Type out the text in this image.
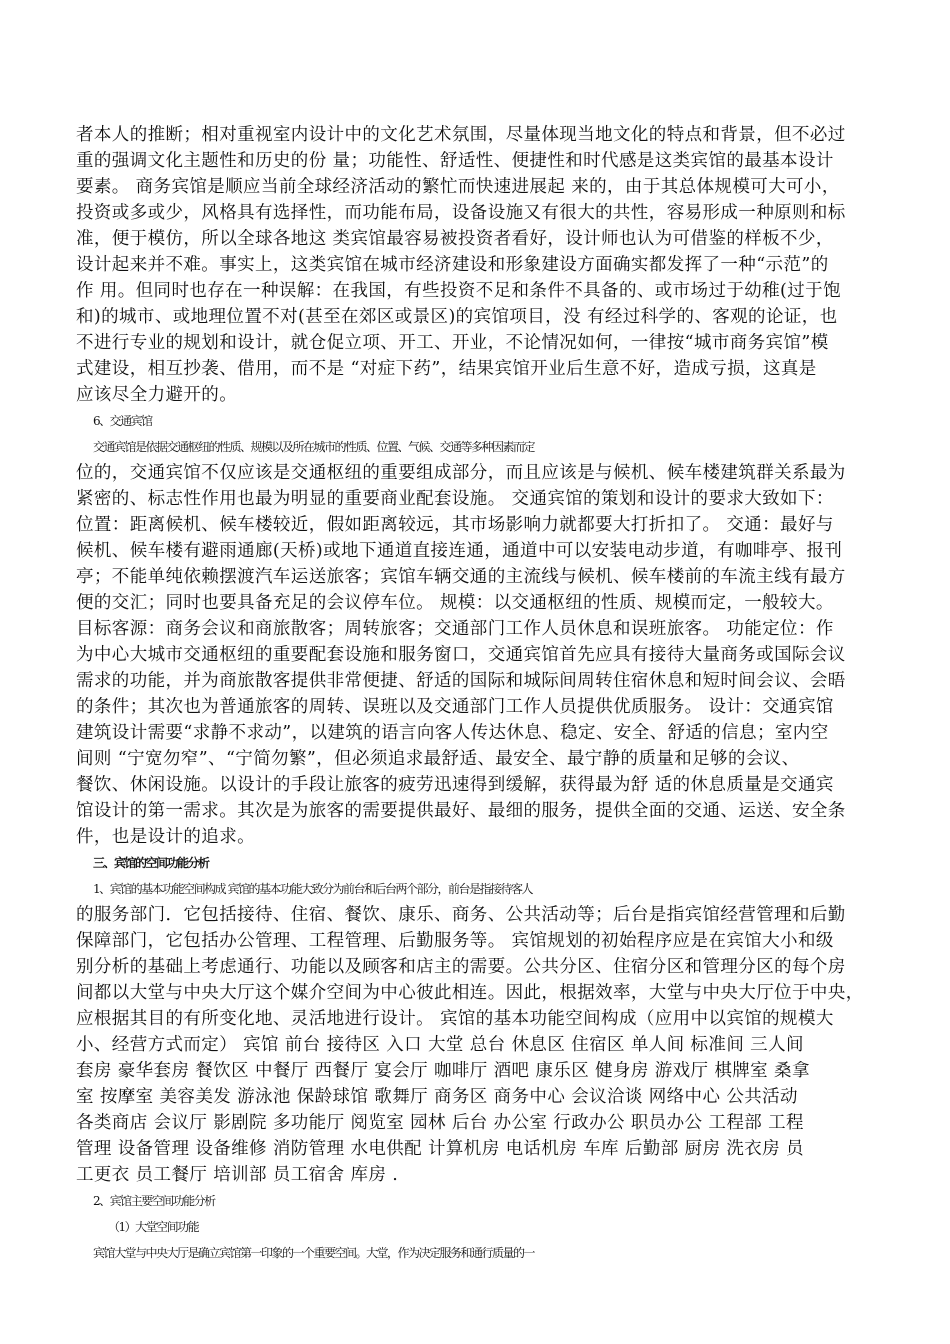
者本人的推断；相对重视室内设计中的文化艺术氛围，尽量体现当地文化的特点和背景，但不必过
重的强调文化主题性和历史的份 量；功能性、舒适性、便捷性和时代感是这类宾馆的最基本设计
要素。 商务宾馆是顺应当前全球经济活动的繁忙而快速进展起 来的，由于其总体规模可大可小，
投资或多或少，风格具有选择性，而功能布局，设备设施又有很大的共性，容易形成一种原则和标
准，便于模仿，所以全球各地这 类宾馆最容易被投资者看好，设计师也认为可借鉴的样板不少，
设计起来并不难。事实上，这类宾馆在城市经济建设和形象建设方面确实都发挥了一种“示范”的
作 用。但同时也存在一种误解：在我国，有些投资不足和条件不具备的、或市场过于幼稚(过于饱
和)的城市、或地理位置不对(甚至在郊区或景区)的宾馆项目，没 有经过科学的、客观的论证，也
不进行专业的规划和设计，就仓促立项、开工、开业，不论情况如何，一律按“城市商务宾馆”模
式建设，相互抄袭、借用，而不是 “对症下药”，结果宾馆开业后生意不好，造成亏损，这真是
应该尽全力避开的。
6、交通宾馆
交通宾馆是依据交通枢纽的性质、规模以及所在城市的性质、位置、气候、交通等多种因素而定
位的，交通宾馆不仅应该是交通枢纽的重要组成部分，而且应该是与候机、候车楼建筑群关系最为
紧密的、标志性作用也最为明显的重要商业配套设施。 交通宾馆的策划和设计的要求大致如下：
位置：距离候机、候车楼较近，假如距离较远，其市场影响力就都要大打折扣了。 交通：最好与
候机、候车楼有避雨通廊(天桥)或地下通道直接连通，通道中可以安装电动步道，有咖啡亭、报刊
亭；不能单纯依赖摆渡汽车运送旅客；宾馆车辆交通的主流线与候机、候车楼前的车流主线有最方
便的交汇；同时也要具备充足的会议停车位。 规模：以交通枢纽的性质、规模而定，一般较大。
目标客源：商务会议和商旅散客；周转旅客；交通部门工作人员休息和误班旅客。 功能定位：作
为中心大城市交通枢纽的重要配套设施和服务窗口，交通宾馆首先应具有接待大量商务或国际会议
需求的功能，并为商旅散客提供非常便捷、舒适的国际和城际间周转住宿休息和短时间会议、会晤
的条件；其次也为普通旅客的周转、误班以及交通部门工作人员提供优质服务。 设计：交通宾馆
建筑设计需要“求静不求动”，以建筑的语言向客人传达休息、稳定、安全、舒适的信息；室内空
间则 “宁宽勿窄”、“宁简勿繁”，但必须追求最舒适、最安全、最宁静的质量和足够的会议、
餐饮、休闲设施。以设计的手段让旅客的疲劳迅速得到缓解，获得最为舒 适的休息质量是交通宾
馆设计的第一需求。其次是为旅客的需要提供最好、最细的服务，提供全面的交通、运送、安全条
件，也是设计的追求。
三、宾馆的空间功能分析
1、宾馆的基本功能空间构成 宾馆的基本功能大致分为前台和后台两个部分，前台是指接待客人
的服务部门．它包括接待、住宿、餐饮、康乐、商务、公共活动等；后台是指宾馆经营管理和后勤
保障部门，它包括办公管理、工程管理、后勤服务等。 宾馆规划的初始程序应是在宾馆大小和级
别分析的基础上考虑通行、功能以及顾客和店主的需要。公共分区、住宿分区和管理分区的每个房
间都以大堂与中央大厅这个媒介空间为中心彼此相连。因此，根据效率，大堂与中央大厅位于中央，
应根据其目的有所变化地、灵活地进行设计。 宾馆的基本功能空间构成（应用中以宾馆的规模大
小、经营方式而定） 宾馆 前台 接待区 入口 大堂 总台 休息区 住宿区 单人间 标准间 三人间
套房 豪华套房 餐饮区 中餐厅 西餐厅 宴会厅 咖啡厅 酒吧 康乐区 健身房 游戏厅 棋牌室 桑拿
室 按摩室 美容美发 游泳池 保龄球馆 歌舞厅 商务区 商务中心 会议洽谈 网络中心 公共活动
各类商店 会议厅 影剧院 多功能厅 阅览室 园林 后台 办公室 行政办公 职员办公 工程部 工程
管理 设备管理 设备维修 消防管理 水电供配 计算机房 电话机房 车库 后勤部 厨房 洗衣房 员
工更衣 员工餐厅 培训部 员工宿舍 库房 .
2、宾馆主要空间功能分析
（1）大堂空间功能
宾馆大堂与中央大厅是确立宾馆第一印象的一个重要空间。大堂，作为决定服务和通行质量的一
